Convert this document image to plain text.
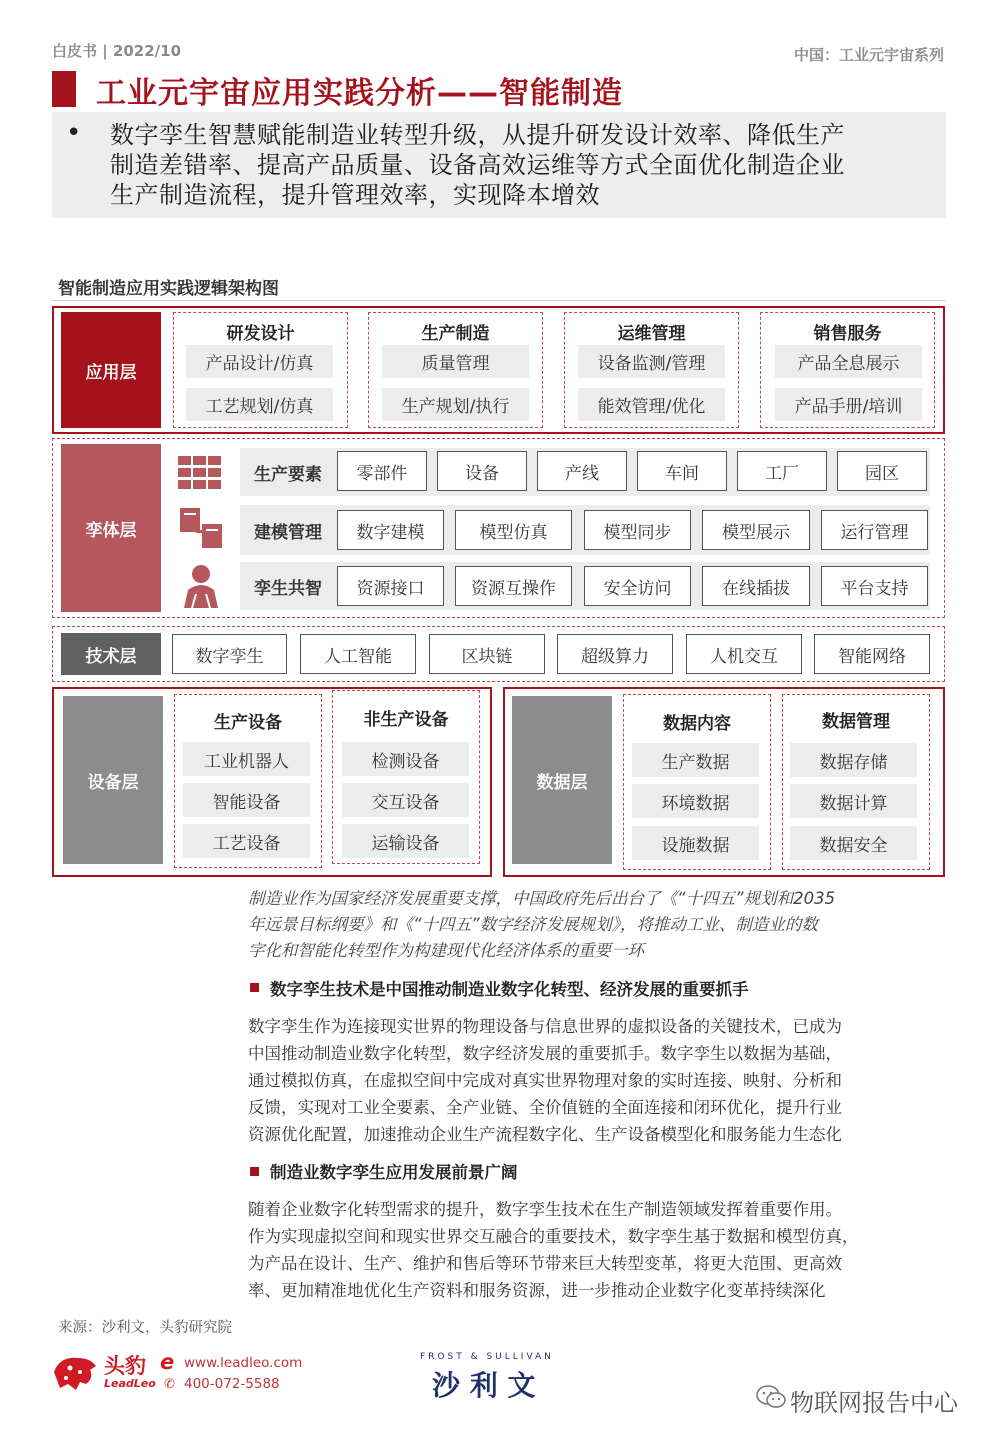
白皮书 | 2022/10	中国：工业元宇宙系列
工业元宇宙应用实践分析——智能制造
• 数字孪生智慧赋能制造业转型升级，从提升研发设计效率、降低生产
制造差错率、提高产品质量、设备高效运维等方式全面优化制造企业
生产制造流程，提升管理效率，实现降本增效
智能制造应用实践逻辑架构图
应用层
研发设计
产品设计/仿真
工艺规划/仿真
生产制造
质量管理
生产规划/执行
运维管理
设备监测/管理
能效管理/优化
销售服务
产品全息展示
产品手册/培训
孪体层
生产要素	零部件	设备	产线	车间	工厂	园区
建模管理	数字建模	模型仿真	模型同步	模型展示	运行管理
孪生共智	资源接口	资源互操作	安全访问	在线插拔	平台支持
技术层	数字孪生	人工智能	区块链	超级算力	人机交互	智能网络
设备层
生产设备
工业机器人
智能设备
工艺设备
非生产设备
检测设备
交互设备
运输设备
数据层
数据内容
生产数据
环境数据
设施数据
数据管理
数据存储
数据计算
数据安全
制造业作为国家经济发展重要支撑，中国政府先后出台了《“十四五”规划和2035
年远景目标纲要》和《“十四五”数字经济发展规划》，将推动工业、制造业的数
字化和智能化转型作为构建现代化经济体系的重要一环
数字孪生技术是中国推动制造业数字化转型、经济发展的重要抓手
数字孪生作为连接现实世界的物理设备与信息世界的虚拟设备的关键技术，已成为
中国推动制造业数字化转型，数字经济发展的重要抓手。数字孪生以数据为基础，
通过模拟仿真，在虚拟空间中完成对真实世界物理对象的实时连接、映射、分析和
反馈，实现对工业全要素、全产业链、全价值链的全面连接和闭环优化，提升行业
资源优化配置，加速推动企业生产流程数字化、生产设备模型化和服务能力生态化
制造业数字孪生应用发展前景广阔
随着企业数字化转型需求的提升，数字孪生技术在生产制造领域发挥着重要作用。
作为实现虚拟空间和现实世界交互融合的重要技术，数字孪生基于数据和模型仿真，
为产品在设计、生产、维护和售后等环节带来巨大转型变革，将更大范围、更高效
率、更加精准地优化生产资料和服务资源，进一步推动企业数字化变革持续深化
来源：沙利文，头豹研究院
头豹
LeadLeo
e www.leadleo.com
✆ 400-072-5588
FROST & SULLIVAN
沙 利 文
物联网报告中心
